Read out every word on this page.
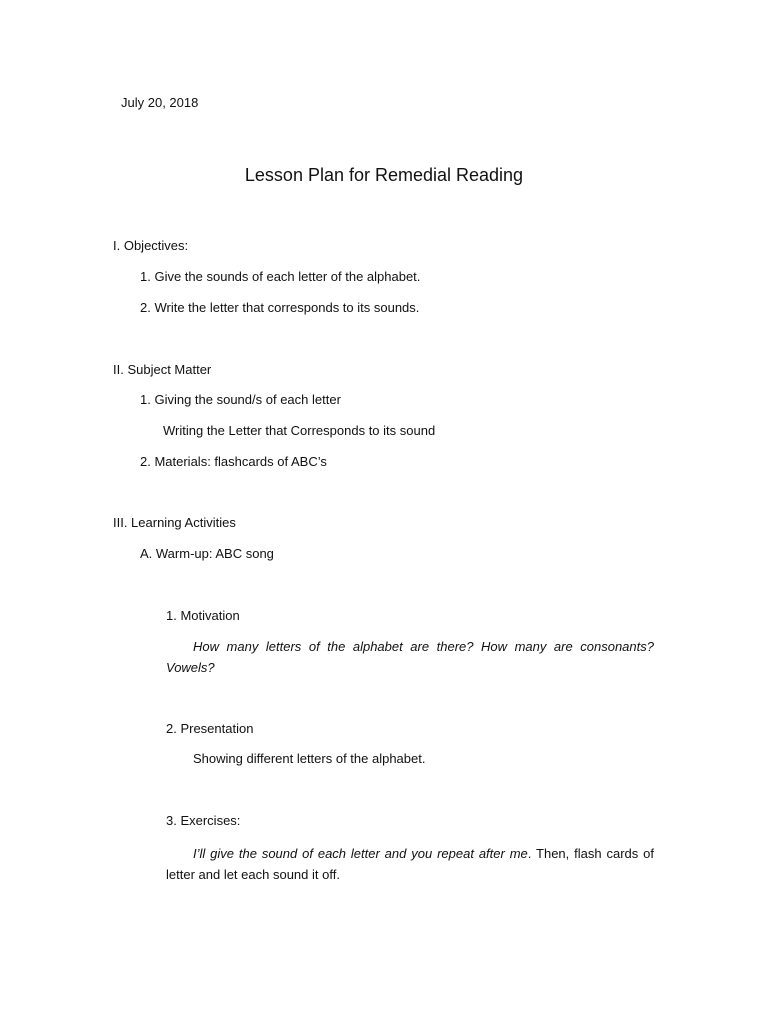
July 20, 2018
Lesson Plan for Remedial Reading
I. Objectives:
1. Give the sounds of each letter of the alphabet.
2. Write the letter that corresponds to its sounds.
II. Subject Matter
1. Giving the sound/s of each letter
Writing the Letter that Corresponds to its sound
2. Materials: flashcards of ABC’s
III. Learning Activities
A. Warm-up: ABC song
1. Motivation
How many letters of the alphabet are there? How many are consonants? Vowels?
2. Presentation
Showing different letters of the alphabet.
3. Exercises:
I’ll give the sound of each letter and you repeat after me. Then, flash cards of letter and let each sound it off.
